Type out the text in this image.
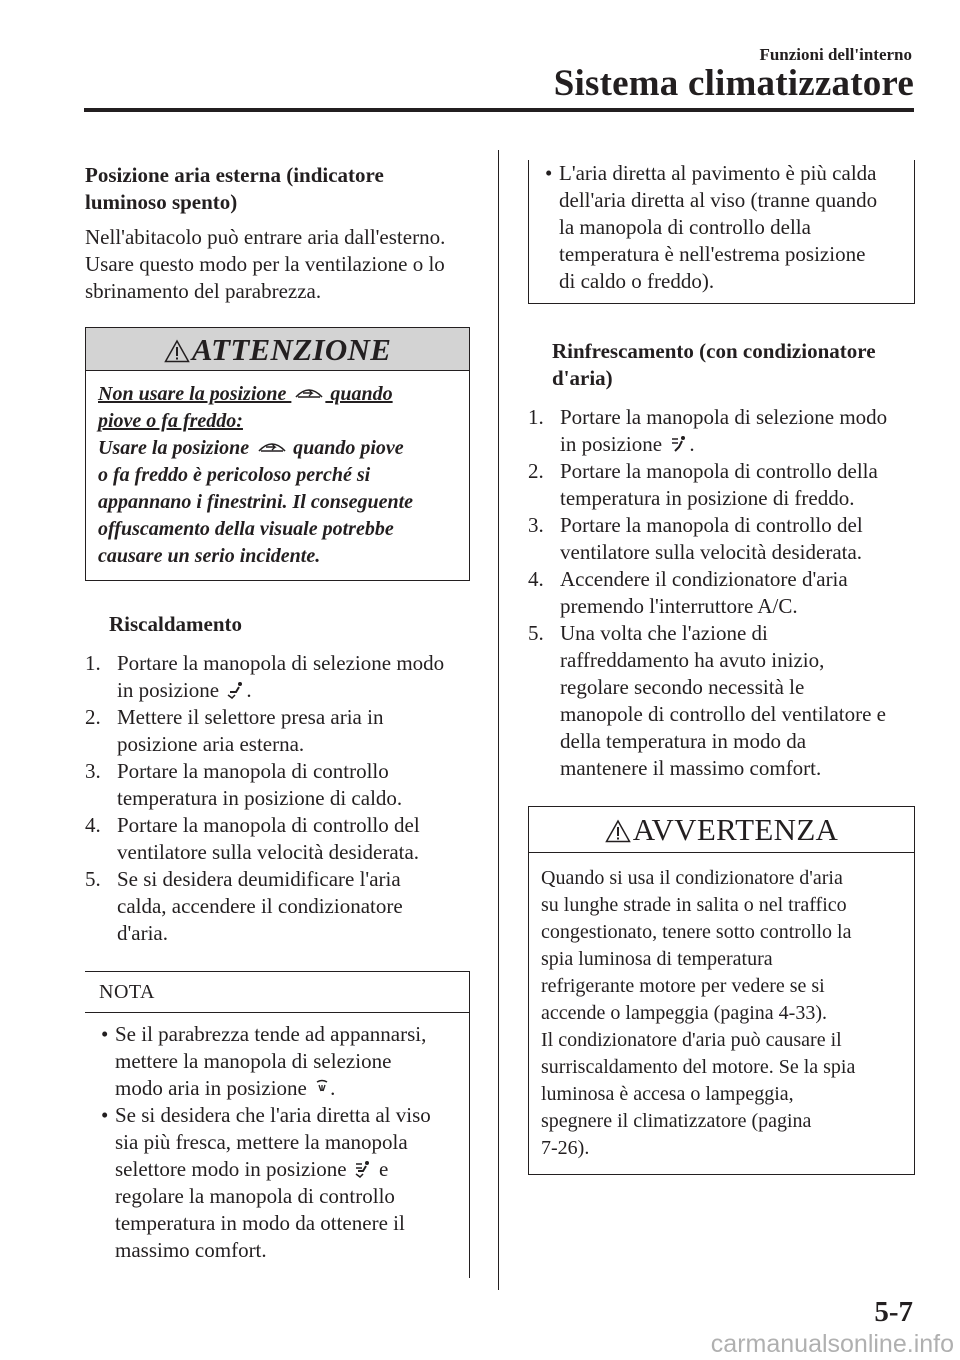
Funzioni dell'interno
Sistema climatizzatore
Posizione aria esterna (indicatore
luminoso spento)
Nell'abitacolo può entrare aria dall'esterno.
Usare questo modo per la ventilazione o lo
sbrinamento del parabrezza.
ATTENZIONE
Non usare la posizione  quando
piove o fa freddo:
Usare la posizione  quando piove
o fa freddo è pericoloso perché si
appannano i finestrini. Il conseguente
offuscamento della visuale potrebbe
causare un serio incidente.
Riscaldamento
1. Portare la manopola di selezione modo
in posizione .
2. Mettere il selettore presa aria in
posizione aria esterna.
3. Portare la manopola di controllo
temperatura in posizione di caldo.
4. Portare la manopola di controllo del
ventilatore sulla velocità desiderata.
5. Se si desidera deumidificare l'aria
calda, accendere il condizionatore
d'aria.
NOTA
• Se il parabrezza tende ad appannarsi,
mettere la manopola di selezione
modo aria in posizione .
• Se si desidera che l'aria diretta al viso
sia più fresca, mettere la manopola
selettore modo in posizione  e
regolare la manopola di controllo
temperatura in modo da ottenere il
massimo comfort.
• L'aria diretta al pavimento è più calda
dell'aria diretta al viso (tranne quando
la manopola di controllo della
temperatura è nell'estrema posizione
di caldo o freddo).
Rinfrescamento (con condizionatore
d'aria)
1. Portare la manopola di selezione modo
in posizione .
2. Portare la manopola di controllo della
temperatura in posizione di freddo.
3. Portare la manopola di controllo del
ventilatore sulla velocità desiderata.
4. Accendere il condizionatore d'aria
premendo l'interruttore A/C.
5. Una volta che l'azione di
raffreddamento ha avuto inizio,
regolare secondo necessità le
manopole di controllo del ventilatore e
della temperatura in modo da
mantenere il massimo comfort.
AVVERTENZA
Quando si usa il condizionatore d'aria
su lunghe strade in salita o nel traffico
congestionato, tenere sotto controllo la
spia luminosa di temperatura
refrigerante motore per vedere se si
accende o lampeggia (pagina 4-33).
Il condizionatore d'aria può causare il
surriscaldamento del motore. Se la spia
luminosa è accesa o lampeggia,
spegnere il climatizzatore (pagina
7-26).
5-7
carmanualsonline.info
